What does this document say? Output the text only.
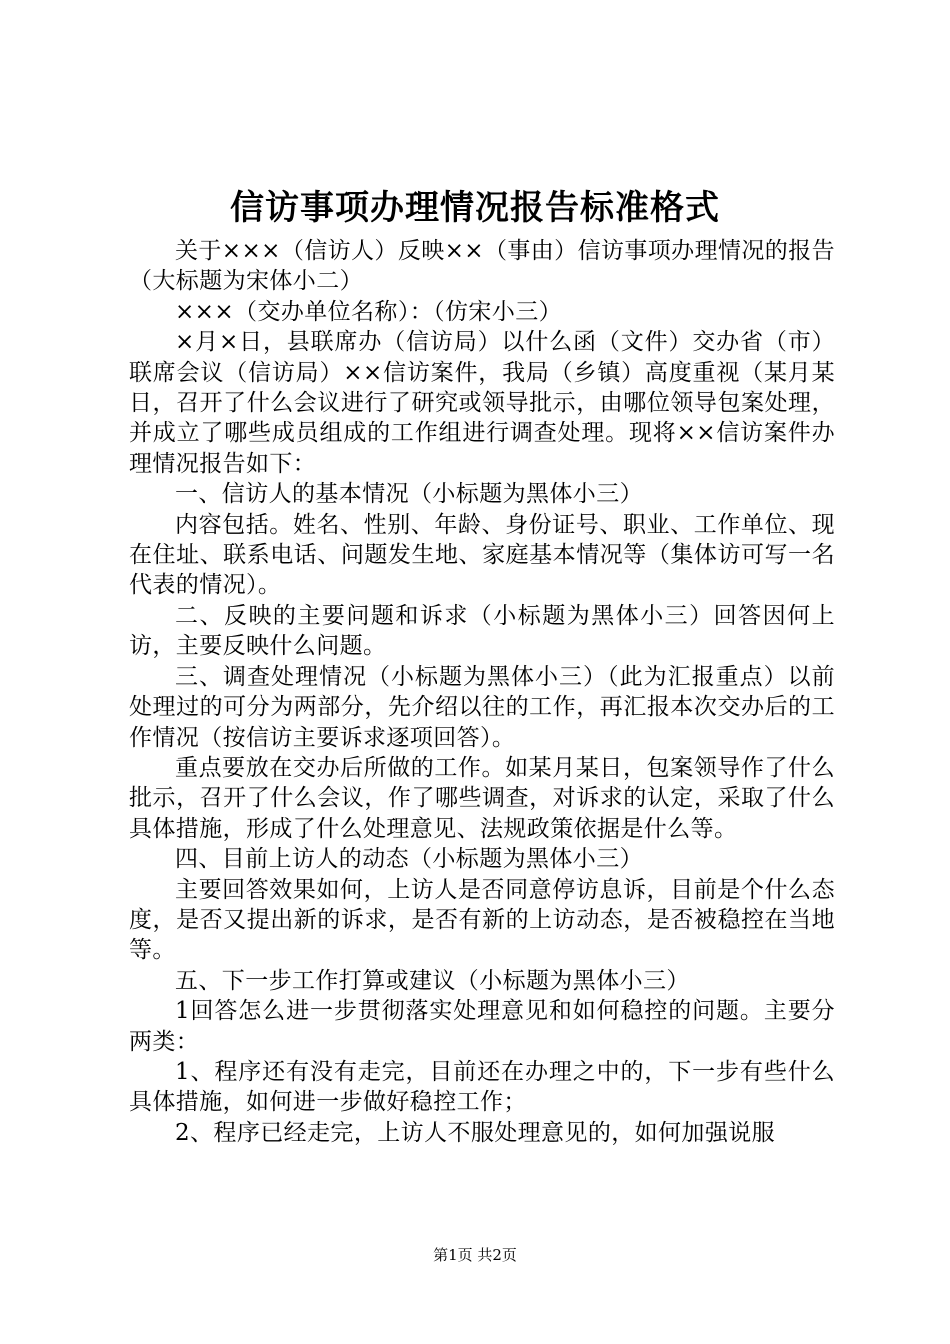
信访事项办理情况报告标准格式

关于×××（信访人）反映××（事由）信访事项办理情况的报告（大标题为宋体小二）

×××（交办单位名称）：（仿宋小三）

×月×日，县联席办（信访局）以什么函（文件）交办省（市）联席会议（信访局）××信访案件，我局（乡镇）高度重视（某月某日，召开了什么会议进行了研究或领导批示，由哪位领导包案处理，并成立了哪些成员组成的工作组进行调查处理。现将××信访案件办理情况报告如下：

一、信访人的基本情况（小标题为黑体小三）

内容包括。姓名、性别、年龄、身份证号、职业、工作单位、现在住址、联系电话、问题发生地、家庭基本情况等（集体访可写一名代表的情况）。

二、反映的主要问题和诉求（小标题为黑体小三）回答因何上访，主要反映什么问题。

三、调查处理情况（小标题为黑体小三）（此为汇报重点）以前处理过的可分为两部分，先介绍以往的工作，再汇报本次交办后的工作情况（按信访主要诉求逐项回答）。

重点要放在交办后所做的工作。如某月某日，包案领导作了什么批示，召开了什么会议，作了哪些调查，对诉求的认定，采取了什么具体措施，形成了什么处理意见、法规政策依据是什么等。

四、目前上访人的动态（小标题为黑体小三）

主要回答效果如何，上访人是否同意停访息诉，目前是个什么态度，是否又提出新的诉求，是否有新的上访动态，是否被稳控在当地等。

五、下一步工作打算或建议（小标题为黑体小三）

1回答怎么进一步贯彻落实处理意见和如何稳控的问题。主要分两类：

1、程序还有没有走完，目前还在办理之中的，下一步有些什么具体措施，如何进一步做好稳控工作；

2、程序已经走完，上访人不服处理意见的，如何加强说服

第1页 共2页
